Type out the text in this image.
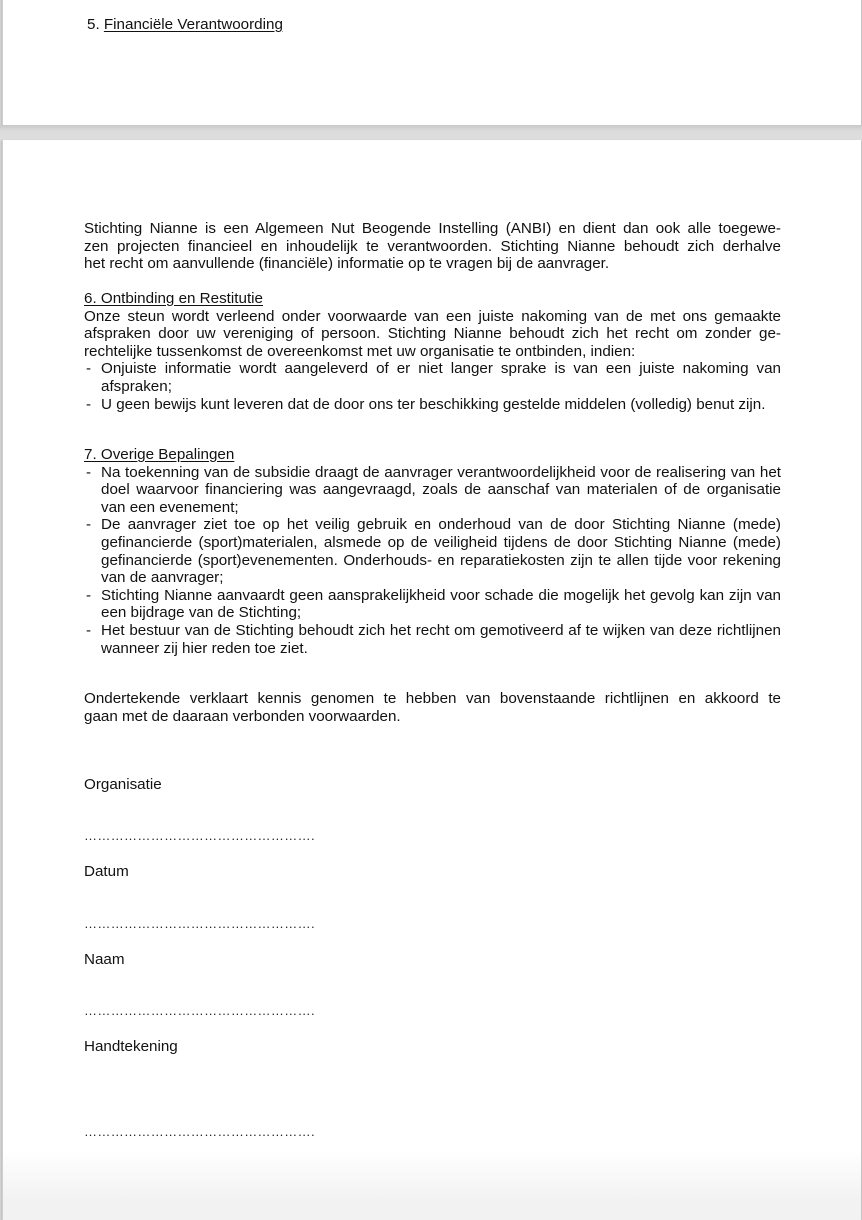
5. Financiële Verantwoording
Stichting Nianne is een Algemeen Nut Beogende Instelling (ANBI) en dient dan ook alle toegewe-
zen projecten financieel en inhoudelijk te verantwoorden. Stichting Nianne behoudt zich derhalve
het recht om aanvullende (financiële) informatie op te vragen bij de aanvrager.
6. Ontbinding en Restitutie
Onze steun wordt verleend onder voorwaarde van een juiste nakoming van de met ons gemaakte
afspraken door uw vereniging of persoon. Stichting Nianne behoudt zich het recht om zonder ge-
rechtelijke tussenkomst de overeenkomst met uw organisatie te ontbinden, indien:
- Onjuiste informatie wordt aangeleverd of er niet langer sprake is van een juiste nakoming van afspraken;
- U geen bewijs kunt leveren dat de door ons ter beschikking gestelde middelen (volledig) benut zijn.
7. Overige Bepalingen
- Na toekenning van de subsidie draagt de aanvrager verantwoordelijkheid voor de realisering van het doel waarvoor financiering was aangevraagd, zoals de aanschaf van materialen of de organisatie van een evenement;
- De aanvrager ziet toe op het veilig gebruik en onderhoud van de door Stichting Nianne (mede) gefinancierde (sport)materialen, alsmede op de veiligheid tijdens de door Stichting Nianne (mede) gefinancierde (sport)evenementen. Onderhouds- en reparatiekosten zijn te allen tijde voor rekening van de aanvrager;
- Stichting Nianne aanvaardt geen aansprakelijkheid voor schade die mogelijk het gevolg kan zijn van een bijdrage van de Stichting;
- Het bestuur van de Stichting behoudt zich het recht om gemotiveerd af te wijken van deze richtlijnen wanneer zij hier reden toe ziet.
Ondertekende verklaart kennis genomen te hebben van bovenstaande richtlijnen en akkoord te
gaan met de daaraan verbonden voorwaarden.
Organisatie
…………………………………………….
Datum
…………………………………………….
Naam
…………………………………………….
Handtekening
…………………………………………….
